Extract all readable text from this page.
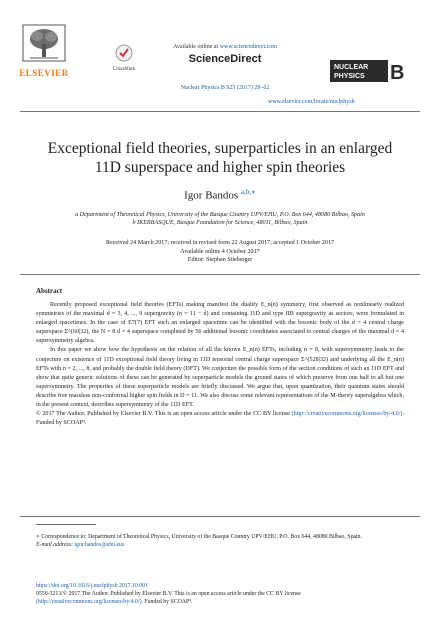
ELSEVIER	CrossMark
Available online at www.sciencedirect.com
ScienceDirect
Nuclear Physics B 925 (2017) 28–62
NUCLEAR
PHYSICS B
www.elsevier.com/locate/nuclphysb
Exceptional field theories, superparticles in an enlarged
11D superspace and higher spin theories
Igor Bandos $^{a,b,∗}$
a Department of Theoretical Physics, University of the Basque Country UPV/EHU, P.O. Box 644, 48080 Bilbao, Spain
b IKERBASQUE, Basque Foundation for Science, 48011, Bilbao, Spain
Received 24 March 2017; received in revised form 22 August 2017; accepted 1 October 2017
Available online 4 October 2017
Editor: Stephan Stieberger
Abstract

Recently proposed exceptional field theories (EFTs) making manifest the duality E_n(n) symmetry, first observed as nonlinearly realized symmetries of the maximal d = 3, 4, ..., 9 supergravity (n = 11 − d) and containing 11D and type IIB supergravity as sectors, were formulated in enlarged spacetimes. In the case of E7(7) EFT such an enlarged spacetime can be identified with the bosonic body of the d = 4 central charge superspace Σ^(60|32), the N = 8 d = 4 superspace completed by 56 additional bosonic coordinates associated to central charges of the maximal d = 4 supersymmetry algebra.

In this paper we show how the hypothesis on the relation of all the known E_n(n) EFTs, including n = 8, with supersymmetry leads to the conjecture on existence of 11D exceptional field theory living in 11D tensorial central charge superspace Σ^(528|32) and underlying all the E_n(n) EFTs with n = 2, ..., 8, and probably the double field theory (DFT). We conjecture the possible form of the section conditions of such an 11D EFT and show that quite generic solutions of these can be generated by superparticle models the ground states of which preserve from one half to all but one supersymmetry. The properties of these superparticle models are briefly discussed. We argue that, upon quantization, their quantum states should describe free massless non-conformal higher spin fields in D = 11. We also discuss some relevant representations of the M-theory superalgebra which, in the present context, describes supersymmetry of the 11D EFT.

© 2017 The Author. Published by Elsevier B.V. This is an open access article under the CC BY license (http://creativecommons.org/licenses/by/4.0/). Funded by SCOAP³.

∗ Correspondence to: Department of Theoretical Physics, University of the Basque Country UPV/EHU, P.O. Box 644, 48080 Bilbao, Spain.
E-mail address: igor.bandos@ehu.eus
https://doi.org/10.1016/j.nuclphysb.2017.10.001
0550-3213/© 2017 The Author. Published by Elsevier B.V. This is an open access article under the CC BY license
(http://creativecommons.org/licenses/by/4.0/). Funded by SCOAP³.
